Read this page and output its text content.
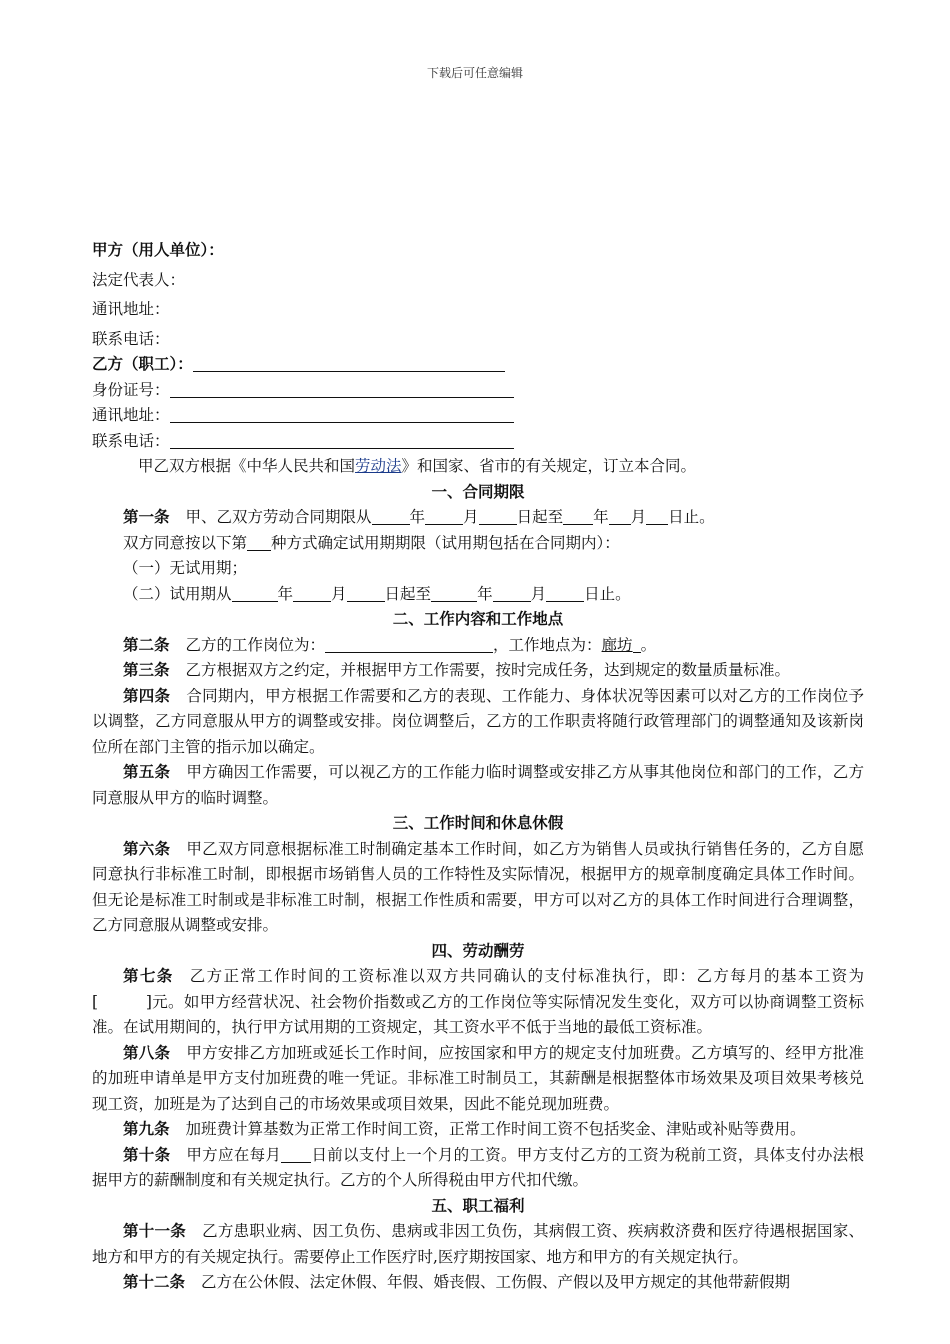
下载后可任意编辑

甲方（用人单位）：

法定代表人：

通讯地址：

联系电话：

乙方（职工）：

身份证号：

通讯地址：

联系电话：

甲乙双方根据《中华人民共和国劳动法》和国家、省市的有关规定，订立本合同。

一、合同期限

第一条 甲、乙双方劳动合同期限从 年 月 日起至 年 月 日止。

双方同意按以下第 种方式确定试用期期限（试用期包括在合同期内）：

（一）无试用期；

（二）试用期从	年 月 日起至	年 月 日止。

二、工作内容和工作地点

第二条 乙方的工作岗位为：	，工作地点为：廊坊 。

第三条 乙方根据双方之约定，并根据甲方工作需要，按时完成任务，达到规定的数量质量标准。

第四条 合同期内，甲方根据工作需要和乙方的表现、工作能力、身体状况等因素可以对乙方的工作岗位予以调整，乙方同意服从甲方的调整或安排。岗位调整后，乙方的工作职责将随行政管理部门的调整通知及该新岗位所在部门主管的指示加以确定。

第五条 甲方确因工作需要，可以视乙方的工作能力临时调整或安排乙方从事其他岗位和部门的工作，乙方同意服从甲方的临时调整。

三、工作时间和休息休假

第六条 甲乙双方同意根据标准工时制确定基本工作时间，如乙方为销售人员或执行销售任务的，乙方自愿同意执行非标准工时制，即根据市场销售人员的工作特性及实际情况，根据甲方的规章制度确定具体工作时间。但无论是标准工时制或是非标准工时制，根据工作性质和需要，甲方可以对乙方的具体工作时间进行合理调整，乙方同意服从调整或安排。

四、劳动酬劳

第七条 乙方正常工作时间的工资标准以双方共同确认的支付标准执行，即：乙方每月的基本工资为[　　　]元。如甲方经营状况、社会物价指数或乙方的工作岗位等实际情况发生变化，双方可以协商调整工资标准。在试用期间的，执行甲方试用期的工资规定，其工资水平不低于当地的最低工资标准。

第八条 甲方安排乙方加班或延长工作时间，应按国家和甲方的规定支付加班费。乙方填写的、经甲方批准的加班申请单是甲方支付加班费的唯一凭证。非标准工时制员工，其薪酬是根据整体市场效果及项目效果考核兑现工资，加班是为了达到自己的市场效果或项目效果，因此不能兑现加班费。

第九条 加班费计算基数为正常工作时间工资，正常工作时间工资不包括奖金、津贴或补贴等费用。

第十条 甲方应在每月 日前以支付上一个月的工资。甲方支付乙方的工资为税前工资，具体支付办法根据甲方的薪酬制度和有关规定执行。乙方的个人所得税由甲方代扣代缴。

五、职工福利

第十一条 乙方患职业病、因工负伤、患病或非因工负伤，其病假工资、疾病救济费和医疗待遇根据国家、地方和甲方的有关规定执行。需要停止工作医疗时,医疗期按国家、地方和甲方的有关规定执行。

第十二条 乙方在公休假、法定休假、年假、婚丧假、工伤假、产假以及甲方规定的其他带薪假期
